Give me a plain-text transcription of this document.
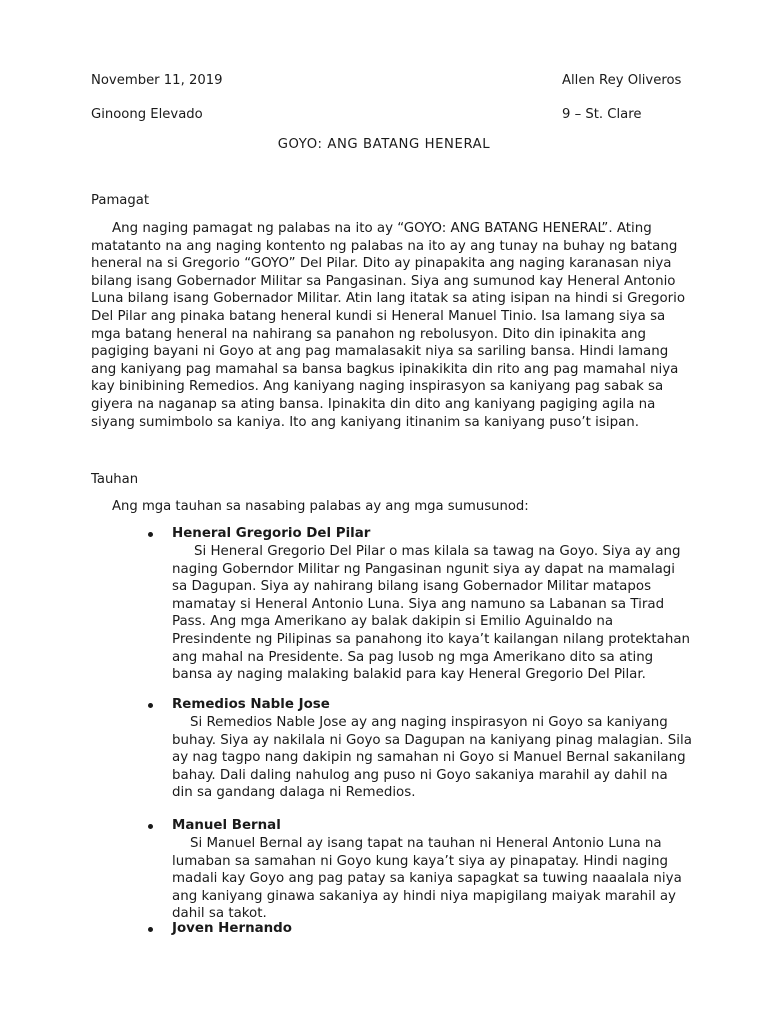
November 11, 2019	Allen Rey Oliveros
Ginoong Elevado	9 – St. Clare
GOYO: ANG BATANG HENERAL
Pamagat
Ang naging pamagat ng palabas na ito ay “GOYO: ANG BATANG HENERAL”. Ating matatanto na ang naging kontento ng palabas na ito ay ang tunay na buhay ng batang heneral na si Gregorio “GOYO” Del Pilar. Dito ay pinapakita ang naging karanasan niya bilang isang Gobernador Militar sa Pangasinan. Siya ang sumunod kay Heneral Antonio Luna bilang isang Gobernador Militar. Atin lang itatak sa ating isipan na hindi si Gregorio Del Pilar ang pinaka batang heneral kundi si Heneral Manuel Tinio. Isa lamang siya sa mga batang heneral na nahirang sa panahon ng rebolusyon. Dito din ipinakita ang pagiging bayani ni Goyo at ang pag mamalasakit niya sa sariling bansa. Hindi lamang ang kaniyang pag mamahal sa bansa bagkus ipinakikita din rito ang pag mamahal niya kay binibining Remedios. Ang kaniyang naging inspirasyon sa kaniyang pag sabak sa giyera na naganap sa ating bansa. Ipinakita din dito ang kaniyang pagiging agila na siyang sumimbolo sa kaniya. Ito ang kaniyang itinanim sa kaniyang puso’t isipan.
Tauhan
Ang mga tauhan sa nasabing palabas ay ang mga sumusunod:
Heneral Gregorio Del Pilar
Si Heneral Gregorio Del Pilar o mas kilala sa tawag na Goyo. Siya ay ang naging Goberndor Militar ng Pangasinan ngunit siya ay dapat na mamalagi sa Dagupan. Siya ay nahirang bilang isang Gobernador Militar matapos mamatay si Heneral Antonio Luna. Siya ang namuno sa Labanan sa Tirad Pass. Ang mga Amerikano ay balak dakipin si Emilio Aguinaldo na Presindente ng Pilipinas sa panahong ito kaya’t kailangan nilang protektahan ang mahal na Presidente. Sa pag lusob ng mga Amerikano dito sa ating bansa ay naging malaking balakid para kay Heneral Gregorio Del Pilar.
Remedios Nable Jose
Si Remedios Nable Jose ay ang naging inspirasyon ni Goyo sa kaniyang buhay. Siya ay nakilala ni Goyo sa Dagupan na kaniyang pinag malagian. Sila ay nag tagpo nang dakipin ng samahan ni Goyo si Manuel Bernal sakanilang bahay. Dali daling nahulog ang puso ni Goyo sakaniya marahil ay dahil na din sa gandang dalaga ni Remedios.
Manuel Bernal
Si Manuel Bernal ay isang tapat na tauhan ni Heneral Antonio Luna na lumaban sa samahan ni Goyo kung kaya’t siya ay pinapatay. Hindi naging madali kay Goyo ang pag patay sa kaniya sapagkat sa tuwing naaalala niya ang kaniyang ginawa sakaniya ay hindi niya mapigilang maiyak marahil ay dahil sa takot.
Joven Hernando
